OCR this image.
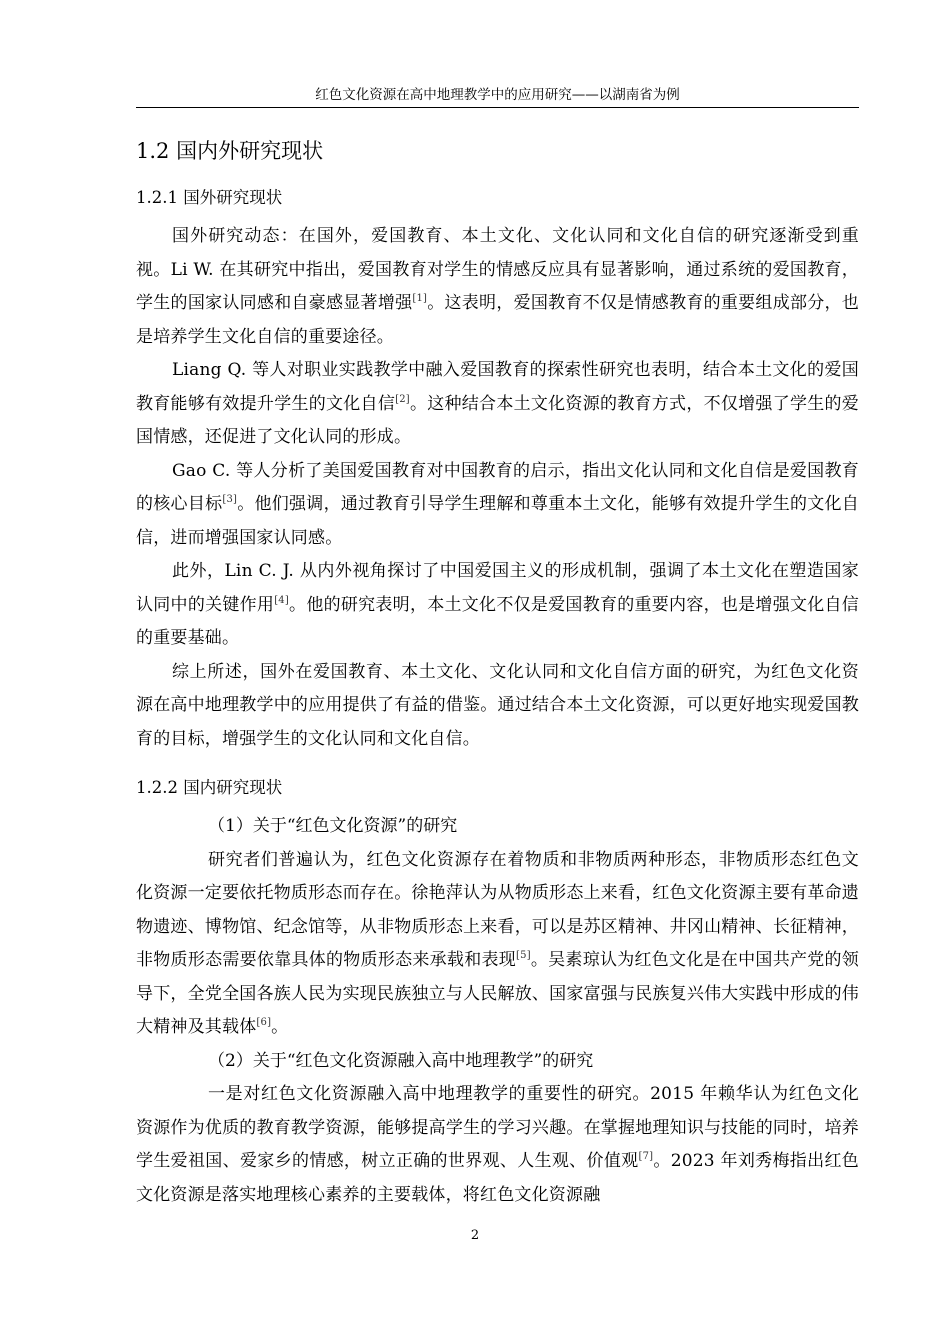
红色文化资源在高中地理教学中的应用研究——以湖南省为例
1.2 国内外研究现状
1.2.1 国外研究现状

国外研究动态：在国外，爱国教育、本土文化、文化认同和文化自信的研究逐渐受到重视。Li W. 在其研究中指出，爱国教育对学生的情感反应具有显著影响，通过系统的爱国教育，学生的国家认同感和自豪感显著增强[1]。这表明，爱国教育不仅是情感教育的重要组成部分，也是培养学生文化自信的重要途径。

Liang Q. 等人对职业实践教学中融入爱国教育的探索性研究也表明，结合本土文化的爱国教育能够有效提升学生的文化自信[2]。这种结合本土文化资源的教育方式，不仅增强了学生的爱国情感，还促进了文化认同的形成。

Gao C. 等人分析了美国爱国教育对中国教育的启示，指出文化认同和文化自信是爱国教育的核心目标[3]。他们强调，通过教育引导学生理解和尊重本土文化，能够有效提升学生的文化自信，进而增强国家认同感。

此外，Lin C. J. 从内外视角探讨了中国爱国主义的形成机制，强调了本土文化在塑造国家认同中的关键作用[4]。他的研究表明，本土文化不仅是爱国教育的重要内容，也是增强文化自信的重要基础。

综上所述，国外在爱国教育、本土文化、文化认同和文化自信方面的研究，为红色文化资源在高中地理教学中的应用提供了有益的借鉴。通过结合本土文化资源，可以更好地实现爱国教育的目标，增强学生的文化认同和文化自信。

1.2.2 国内研究现状

（1）关于“红色文化资源”的研究

研究者们普遍认为，红色文化资源存在着物质和非物质两种形态，非物质形态红色文化资源一定要依托物质形态而存在。徐艳萍认为从物质形态上来看，红色文化资源主要有革命遗物遗迹、博物馆、纪念馆等，从非物质形态上来看，可以是苏区精神、井冈山精神、长征精神，非物质形态需要依靠具体的物质形态来承载和表现[5]。吴素琼认为红色文化是在中国共产党的领导下，全党全国各族人民为实现民族独立与人民解放、国家富强与民族复兴伟大实践中形成的伟大精神及其载体[6]。

（2）关于“红色文化资源融入高中地理教学”的研究

一是对红色文化资源融入高中地理教学的重要性的研究。2015 年赖华认为红色文化资源作为优质的教育教学资源，能够提高学生的学习兴趣。在掌握地理知识与技能的同时，培养学生爱祖国、爱家乡的情感，树立正确的世界观、人生观、价值观[7]。2023 年刘秀梅指出红色文化资源是落实地理核心素养的主要载体，将红色文化资源融

2
